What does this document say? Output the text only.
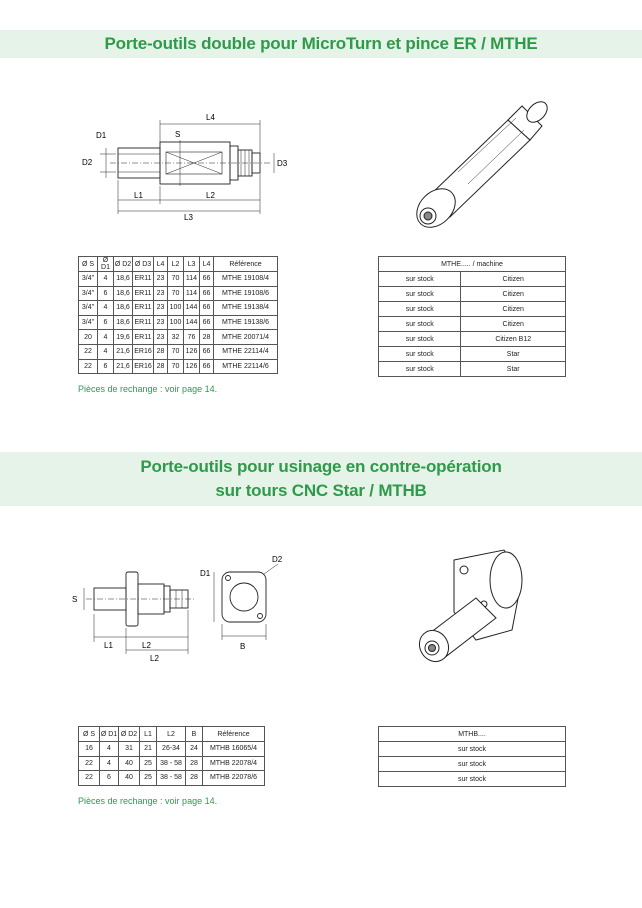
Porte-outils double pour MicroTurn et pince ER / MTHE
D1
D2	D3
L4
S
L1	L2
L3
Ø S	Ø D1	Ø D2	Ø D3	L4	L2	L3	L4	Référence
3/4"	4	18,6	ER11	23	70	114	66	MTHE 19108/4
3/4"	6	18,6	ER11	23	70	114	66	MTHE 19108/6
3/4"	4	18,6	ER11	23	100	144	66	MTHE 19138/4
3/4"	6	18,6	ER11	23	100	144	66	MTHE 19138/6
20	4	19,6	ER11	23	32	76	28	MTHE 20071/4
22	4	21,6	ER16	28	70	126	66	MTHE 22114/4
22	6	21,6	ER16	28	70	126	66	MTHE 22114/6
MTHE..... / machine	
sur stock	Citizen
sur stock	Citizen
sur stock	Citizen
sur stock	Citizen
sur stock	Citizen B12
sur stock	Star
sur stock	Star
Pièces de rechange : voir page 14.
Porte-outils pour usinage en contre-opération
sur tours CNC Star / MTHB
S
D1
D2
L1	L2
L2
B
Ø S	Ø D1	Ø D2	L1	L2	B	Référence
16	4	31	21	26-34	24	MTHB 16065/4
22	4	40	25	38 - 58	28	MTHB 22078/4
22	6	40	25	38 - 58	28	MTHB 22078/6
MTHB....
sur stock
sur stock
sur stock
Pièces de rechange : voir page 14.
